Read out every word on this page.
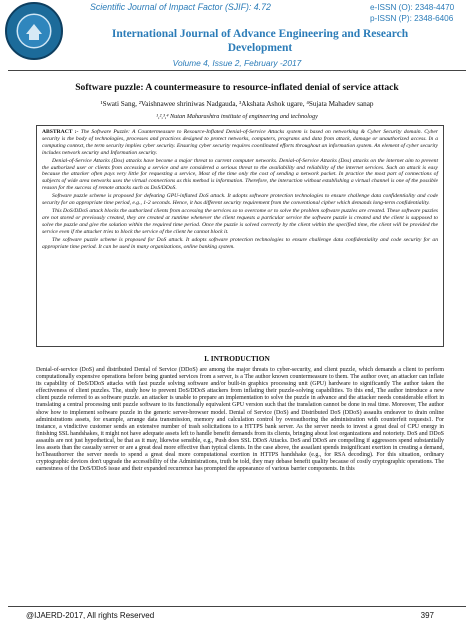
Scientific Journal of Impact Factor (SJIF): 4.72	e-ISSN (O): 2348-4470
p-ISSN (P): 2348-6406
International Journal of Advance Engineering and Research
Development
Volume 4, Issue 2, February -2017
Software puzzle: A countermeasure to resource-inflated denial of service attack
¹Swati Sang, ²Vaishnawee shriniwas Nadgauda, ³Akshata Ashok ugare, ⁴Sujata Mahadev sanap
¹,²,³,⁴ Nutan Maharashtra institute of engineering and technology

ABSTRACT :- The Software Puzzle: A Countermeasure to Resource-Inflated Denial-of-Service Attacks system is based on networking & Cyber Security domain. Cyber security is the body of technologies, processes and practices designed to protect networks, computers, programs and data from attack, damage or unauthorized access. In a computing context, the term security implies cyber security. Ensuring cyber security requires coordinated efforts throughout an information system. An element of cyber security includes network security and Information security.

Denial-of-Service Attacks (Dos) attacks have become a major threat to current computer networks. Denial-of-Service Attacks (Dos) attacks on the internet aim to prevent the authorized user or clients from accessing a service and are considered a serious threat to the availability and reliability of the internet services. Such an attack is easy because the attacker often pays very little for requesting a service, Most of the time only the cost of sending a network packet. In practice the most part of connections of subjects of wide area networks uses the virtual connections as this method is information. Therefore, the interaction without establishing a virtual channel is one of the possible reason for the success of remote attacks such as DoS/DDoS.

Software puzzle scheme is proposed for defeating GPU-inflated DoS attack. It adopts software protection technologies to ensure challenge data confidentiality and code security for an appropriate time period, e.g., 1-2 seconds. Hence, it has different security requirement from the conventional cipher which demands long-term confidentiality.

This DoS/DDoS attack blocks the authorized clients from accessing the services so to overcome or to solve the problem software puzzles are created. These software puzzles are not stored or previously created, they are created at runtime whenever the client requests a particular service the software puzzle is created and the client is supposed to solve the puzzle and give the solution within the required time period. Once the puzzle is solved correctly by the client within the specified time, the client will be provided the service even if the attacker tries to block the service of the client he cannot block it.

The software puzzle scheme is proposed for DoS attack. It adopts software protection technologies to ensure challenge data confidentiality and code security for an appropriate time period. It can be used in many organizations, online banking system.

I. INTRODUCTION
Denial-of-service (DoS) and distributed Denial of Service (DDoS) are among the major threats to cyber-security, and client puzzle, which demands a client to perform computationally expensive operations before being granted services from a server, is a The author known countermeasure to them. The author over, an attacker can inflate its capability of DoS/DDoS attacks with fast puzzle solving software and/or built-in graphics processing unit (GPU) hardware to significantly The author taken the effectiveness of client puzzles. The, study how to prevent DoS/DDoS attackers from inflating their puzzle-solving capabilities. To this end, The author introduce a new client puzzle referred to as software puzzle. an attacker is unable to prepare an implementation to solve the puzzle in advance and the attacker needs considerable effort in translating a central processing unit puzzle software to its functionally equivalent GPU version such that the translation cannot be done in real time. Moreover, The author show how to implement software puzzle in the generic server-browser model. Denial of Service (DoS) and Distributed DoS (DDoS) assaults endeavor to drain online administrations assets, for example, arrange data transmission, memory and calculation control by overauthoring the administration with counterfeit requests1. For instance, a vindictive customer sends an extensive number of trash solicitations to a HTTPS bank server. As the server needs to invest a great deal of CPU energy in finishing SSL handshakes, it might not have adequate assets left to handle benefit demands from its clients, bringing about lost organizations and notoriety. DoS and DDoS assaults are not just hypothetical, be that as it may, likewise sensible, e.g., Push does SSL DDoS Attacks. DoS and DDoS are compelling if aggressors spend substantially less assets than the casualty server or are a great deal more effective than typical clients. In the case above, the assailant spends insignificant exertion in creating a demand, hoTheauthorver the server needs to spend a great deal more computational exertion in HTTPS handshake (e.g., for RSA decoding). For this situation, ordinary cryptographic devices don't upgrade the accessibility of the Administrations, truth be told, they may debase benefit quality because of costly cryptographic operations. The earnestness of the DoS/DDoS issue and their expanded recurrence has prompted the appearance of various barrier components. In this
@IJAERD-2017, All rights Reserved	397
